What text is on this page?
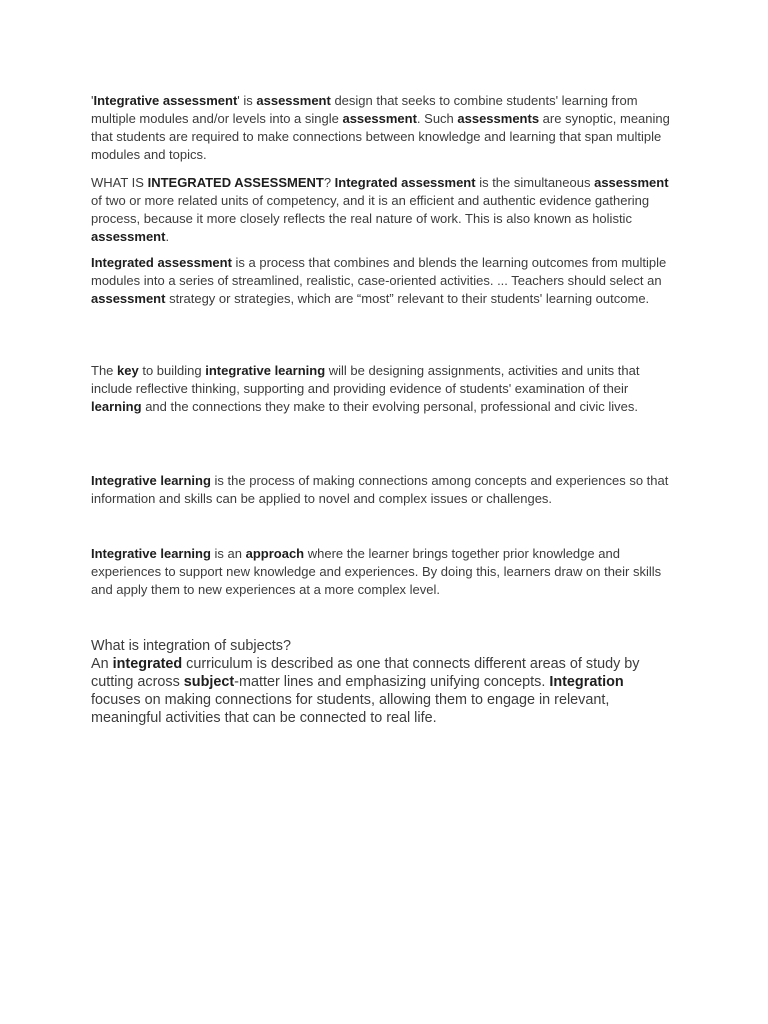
'Integrative assessment' is assessment design that seeks to combine students' learning from multiple modules and/or levels into a single assessment. Such assessments are synoptic, meaning that students are required to make connections between knowledge and learning that span multiple modules and topics.

WHAT IS INTEGRATED ASSESSMENT? Integrated assessment is the simultaneous assessment of two or more related units of competency, and it is an efficient and authentic evidence gathering process, because it more closely reflects the real nature of work. This is also known as holistic assessment.

Integrated assessment is a process that combines and blends the learning outcomes from multiple modules into a series of streamlined, realistic, case-oriented activities. ... Teachers should select an assessment strategy or strategies, which are “most” relevant to their students' learning outcome.

The key to building integrative learning will be designing assignments, activities and units that include reflective thinking, supporting and providing evidence of students' examination of their learning and the connections they make to their evolving personal, professional and civic lives.

Integrative learning is the process of making connections among concepts and experiences so that information and skills can be applied to novel and complex issues or challenges.

Integrative learning is an approach where the learner brings together prior knowledge and experiences to support new knowledge and experiences. By doing this, learners draw on their skills and apply them to new experiences at a more complex level.

What is integration of subjects?

An integrated curriculum is described as one that connects different areas of study by cutting across subject-matter lines and emphasizing unifying concepts. Integration focuses on making connections for students, allowing them to engage in relevant, meaningful activities that can be connected to real life.
